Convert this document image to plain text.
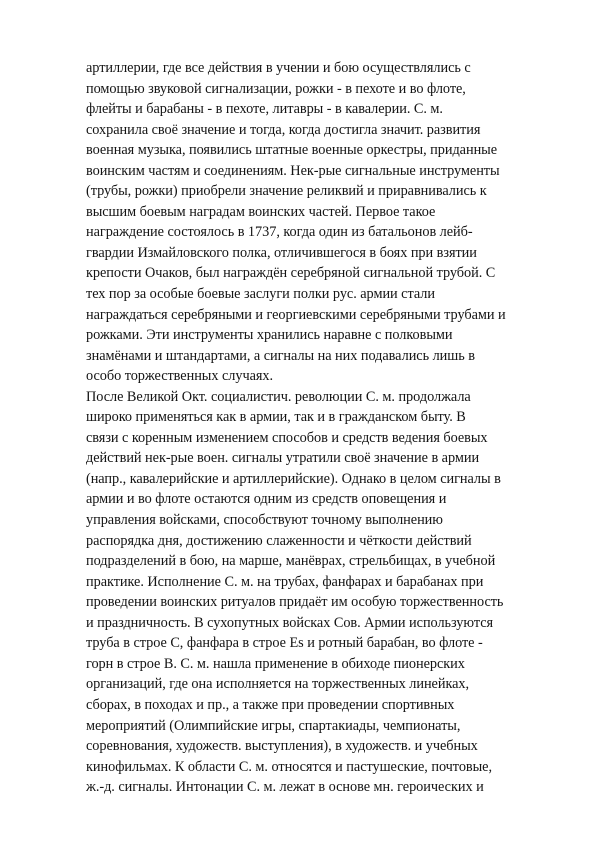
артиллерии, где все действия в учении и бою осуществлялись с
помощью звуковой сигнализации, рожки - в пехоте и во флоте,
флейты и барабаны - в пехоте, литавры - в кавалерии. С. м.
сохранила своё значение и тогда, когда достигла значит. развития
военная музыка, появились штатные военные оркестры, приданные
воинским частям и соединениям. Нек-рые сигнальные инструменты
(трубы, рожки) приобрели значение реликвий и приравнивались к
высшим боевым наградам воинских частей. Первое такое
награждение состоялось в 1737, когда один из батальонов лейб-
гвардии Измайловского полка, отличившегося в боях при взятии
крепости Очаков, был награждён серебряной сигнальной трубой. С
тех пор за особые боевые заслуги полки рус. армии стали
награждаться серебряными и георгиевскими серебряными трубами и
рожками. Эти инструменты хранились наравне с полковыми
знамёнами и штандартами, а сигналы на них подавались лишь в
особо торжественных случаях.
После Великой Окт. социалистич. революции С. м. продолжала
широко применяться как в армии, так и в гражданском быту. В
связи с коренным изменением способов и средств ведения боевых
действий нек-рые воен. сигналы утратили своё значение в армии
(напр., кавалерийские и артиллерийские). Однако в целом сигналы в
армии и во флоте остаются одним из средств оповещения и
управления войсками, способствуют точному выполнению
распорядка дня, достижению слаженности и чёткости действий
подразделений в бою, на марше, манёврах, стрельбищах, в учебной
практике. Исполнение С. м. на трубах, фанфарах и барабанах при
проведении воинских ритуалов придаёт им особую торжественность
и праздничность. В сухопутных войсках Сов. Армии используются
труба в строе С, фанфара в строе Es и ротный барабан, во флоте -
горн в строе В. С. м. нашла применение в обиходе пионерских
организаций, где она исполняется на торжественных линейках,
сборах, в походах и пр., а также при проведении спортивных
мероприятий (Олимпийские игры, спартакиады, чемпионаты,
соревнования, художеств. выступления), в художеств. и учебных
кинофильмах. К области С. м. относятся и пастушеские, почтовые,
ж.-д. сигналы. Интонации С. м. лежат в основе мн. героических и
